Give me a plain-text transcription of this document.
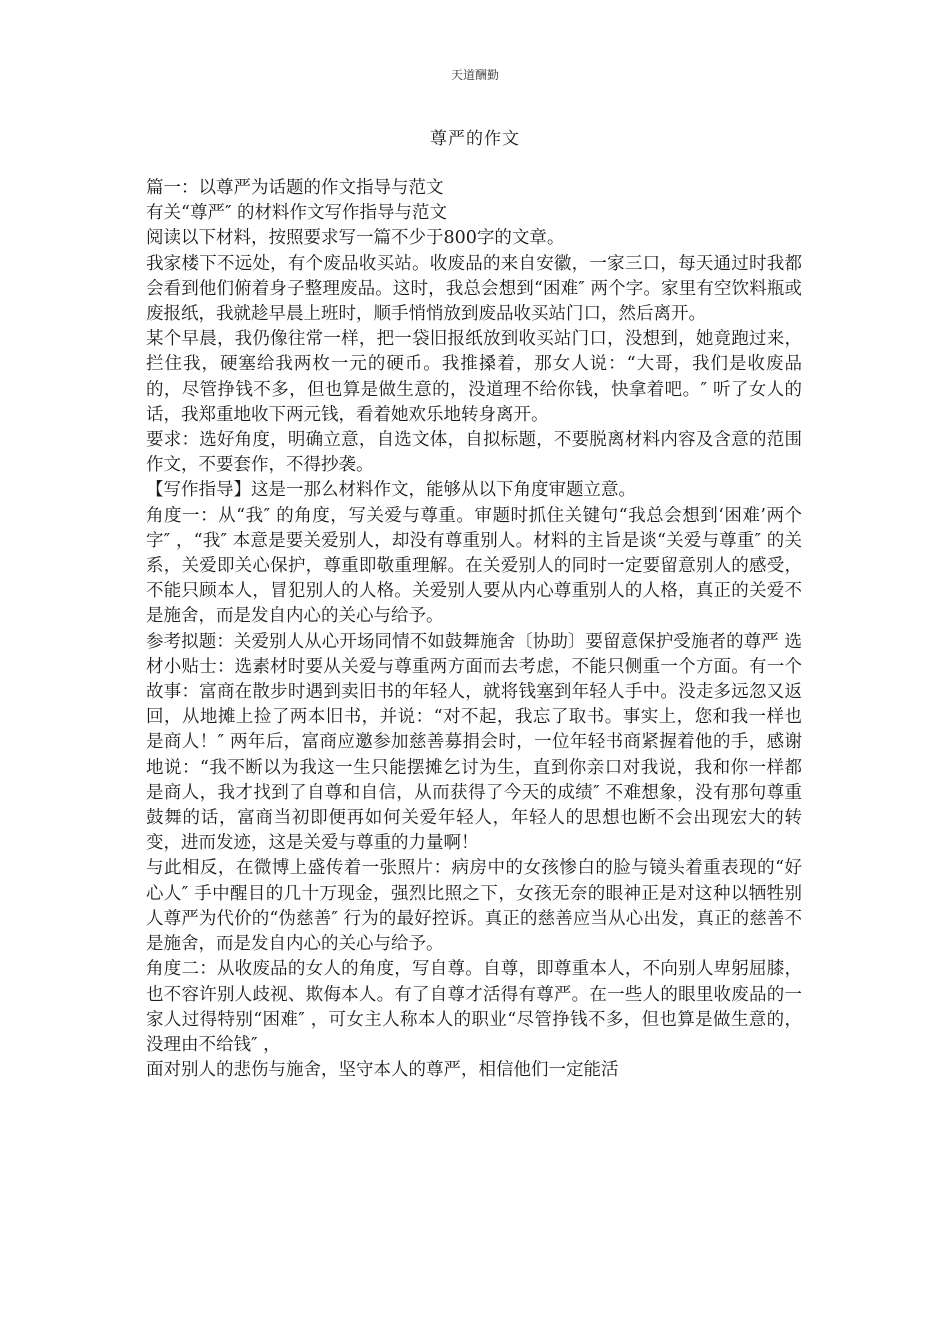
天道酬勤
尊严的作文

篇一：以尊严为话题的作文指导与范文

有关“尊严″ 的材料作文写作指导与范文

阅读以下材料，按照要求写一篇不少于800字的文章。

我家楼下不远处，有个废品收买站。收废品的来自安徽，一家三口，每天通过时我都会看到他们俯着身子整理废品。这时，我总会想到“困难″ 两个字。家里有空饮料瓶或废报纸，我就趁早晨上班时，顺手悄悄放到废品收买站门口，然后离开。

某个早晨，我仍像往常一样，把一袋旧报纸放到收买站门口，没想到，她竟跑过来，拦住我，硬塞给我两枚一元的硬币。我推搡着，那女人说：“大哥，我们是收废品的，尽管挣钱不多，但也算是做生意的，没道理不给你钱，快拿着吧。″ 听了女人的话，我郑重地收下两元钱，看着她欢乐地转身离开。

要求：选好角度，明确立意，自选文体，自拟标题，不要脱离材料内容及含意的范围作文，不要套作，不得抄袭。

【写作指导】这是一那么材料作文，能够从以下角度审题立意。

角度一：从“我″ 的角度，写关爱与尊重。审题时抓住关键句“我总会想到‘困难’两个字″ ，“我″ 本意是要关爱别人，却没有尊重别人。材料的主旨是谈“关爱与尊重″ 的关系，关爱即关心保护，尊重即敬重理解。在关爱别人的同时一定要留意别人的感受，不能只顾本人，冒犯别人的人格。关爱别人要从内心尊重别人的人格，真正的关爱不是施舍，而是发自内心的关心与给予。

参考拟题：关爱别人从心开场同情不如鼓舞施舍〔协助〕要留意保护受施者的尊严 选材小贴士：选素材时要从关爱与尊重两方面而去考虑，不能只侧重一个方面。有一个故事：富商在散步时遇到卖旧书的年轻人，就将钱塞到年轻人手中。没走多远忽又返回，从地摊上捡了两本旧书，并说：“对不起，我忘了取书。事实上，您和我一样也是商人！″ 两年后，富商应邀参加慈善募捐会时，一位年轻书商紧握着他的手，感谢地说：“我不断以为我这一生只能摆摊乞讨为生，直到你亲口对我说，我和你一样都是商人，我才找到了自尊和自信，从而获得了今天的成绩″ 不难想象，没有那句尊重鼓舞的话，富商当初即便再如何关爱年轻人，年轻人的思想也断不会出现宏大的转变，进而发迹，这是关爱与尊重的力量啊！

与此相反，在微博上盛传着一张照片：病房中的女孩惨白的脸与镜头着重表现的“好心人″ 手中醒目的几十万现金，强烈比照之下，女孩无奈的眼神正是对这种以牺牲别人尊严为代价的“伪慈善″ 行为的最好控诉。真正的慈善应当从心出发，真正的慈善不是施舍，而是发自内心的关心与给予。

角度二：从收废品的女人的角度，写自尊。自尊，即尊重本人，不向别人卑躬屈膝，也不容许别人歧视、欺侮本人。有了自尊才活得有尊严。在一些人的眼里收废品的一家人过得特别“困难″ ，可女主人称本人的职业“尽管挣钱不多，但也算是做生意的，没理由不给钱″ ，

面对别人的悲伤与施舍，坚守本人的尊严，相信他们一定能活
